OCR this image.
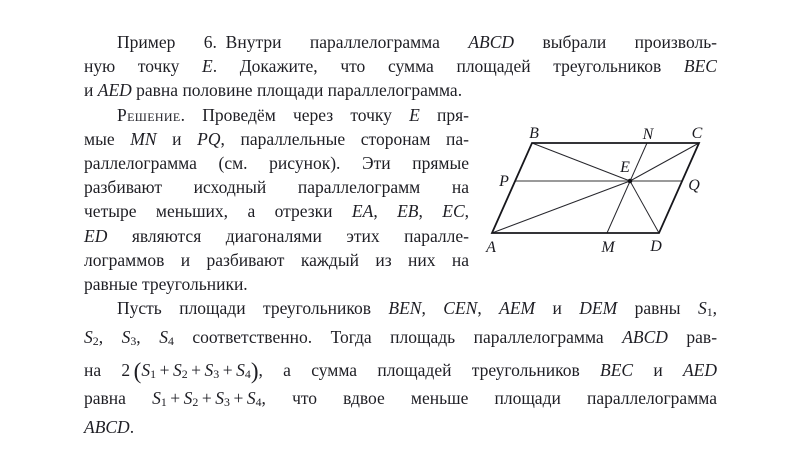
Пример 6. Внутри параллелограмма ABCD выбрали произволь-
ную точку E. Докажите, что сумма площадей треугольников BEC
и AED равна половине площади параллелограмма.
A
B	N C
P
E
Q
M D
Решение. Проведём через точку E пря-
мые MN и PQ, параллельные сторонам па-
раллелограмма (см. рисунок). Эти прямые
разбивают исходный параллелограмм на
четыре меньших, а отрезки EA, EB, EC,
ED являются диагоналями этих паралле-
лограммов и разбивают каждый из них на
равные треугольники.
Пусть площади треугольников BEN, CEN, AEM и DEM равны S1,
S2, S3, S4 соответственно. Тогда площадь параллелограмма ABCD рав-
на 2 (S1 + S2 + S3 + S4), а сумма площадей треугольников BEC и AED
равна S1 + S2 + S3 + S4, что вдвое меньше площади параллелограмма
ABCD.
